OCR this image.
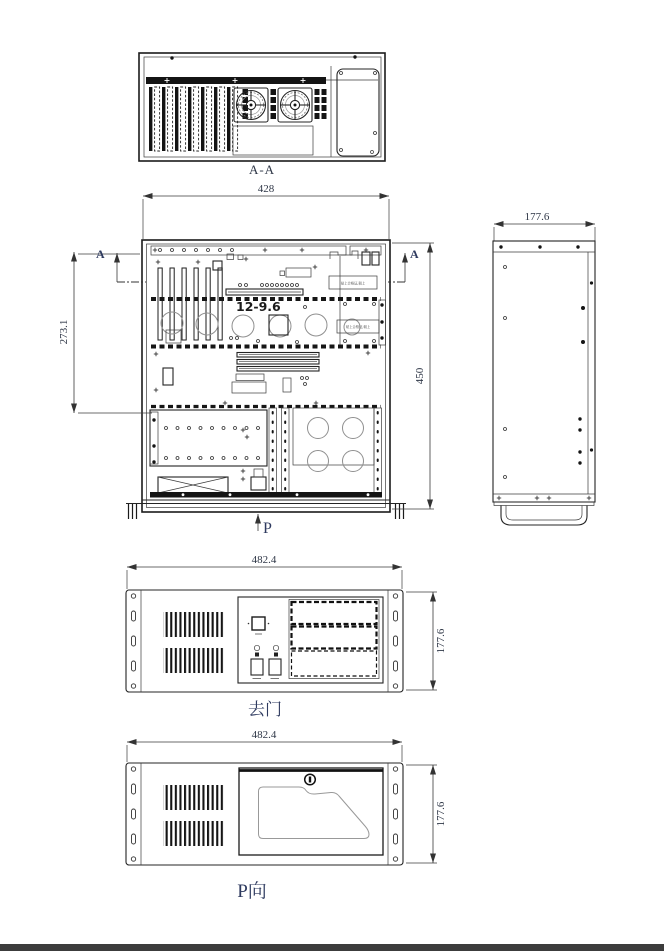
A-A
428
贴上合格证,朝上
12-9.6
贴上合格证,朝上
273.1
450
A	A
P
177.6
482.4
177.6
去门
482.4
177.6
P向
